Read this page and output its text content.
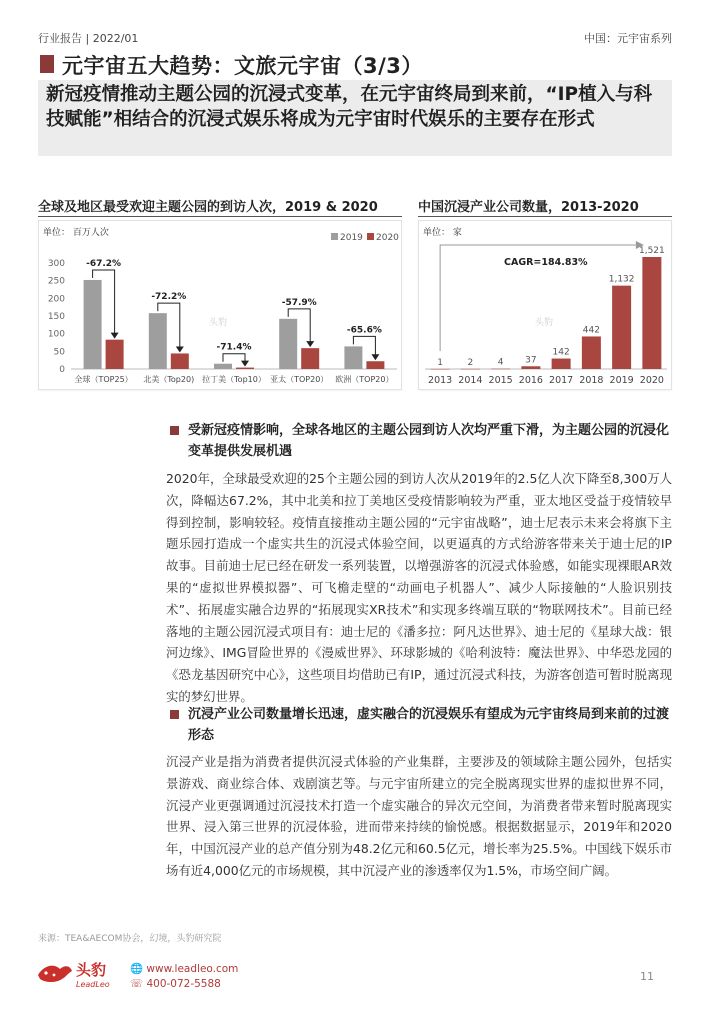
行业报告 | 2022/01	中国：元宇宙系列
元宇宙五大趋势：文旅元宇宙（3/3）
新冠疫情推动主题公园的沉浸式变革，在元宇宙终局到来前，“IP植入与科技赋能”相结合的沉浸式娱乐将成为元宇宙时代娱乐的主要存在形式
全球及地区最受欢迎主题公园的到访人次，2019 & 2020
单位： 百万人次	2019 2020
0
50
100
150
200
250
300
全球（TOP25）
-67.2%
北美（Top20)
-72.2%
拉丁美（Top10）
-71.4%
亚太（TOP20）
-57.9%
欧洲（TOP20）
-65.6%
头豹
中国沉浸产业公司数量，2013-2020
单位： 家
CAGR=184.83%
1
2013
2
2014
4
2015
37
2016
142
2017
442
2018
1,132
2019
1,521
2020
头豹
受新冠疫情影响，全球各地区的主题公园到访人次均严重下滑，为主题公园的沉浸化变革提供发展机遇
2020年，全球最受欢迎的25个主题公园的到访人次从2019年的2.5亿人次下降至8,300万人次，降幅达67.2%，其中北美和拉丁美地区受疫情影响较为严重，亚太地区受益于疫情较早得到控制，影响较轻。疫情直接推动主题公园的“元宇宙战略”，迪士尼表示未来会将旗下主题乐园打造成一个虚实共生的沉浸式体验空间，以更逼真的方式给游客带来关于迪士尼的IP故事。目前迪士尼已经在研发一系列装置，以增强游客的沉浸式体验感，如能实现裸眼AR效果的“虚拟世界模拟器”、可飞檐走壁的“动画电子机器人”、减少人际接触的“人脸识别技术”、拓展虚实融合边界的“拓展现实XR技术”和实现多终端互联的“物联网技术”。目前已经落地的主题公园沉浸式项目有：迪士尼的《潘多拉：阿凡达世界》、迪士尼的《星球大战：银河边缘》、IMG冒险世界的《漫威世界》、环球影城的《哈利波特：魔法世界》、中华恐龙园的《恐龙基因研究中心》，这些项目均借助已有IP，通过沉浸式科技，为游客创造可暂时脱离现实的梦幻世界。
沉浸产业公司数量增长迅速，虚实融合的沉浸娱乐有望成为元宇宙终局到来前的过渡形态
沉浸产业是指为消费者提供沉浸式体验的产业集群，主要涉及的领域除主题公园外，包括实景游戏、商业综合体、戏剧演艺等。与元宇宙所建立的完全脱离现实世界的虚拟世界不同，沉浸产业更强调通过沉浸技术打造一个虚实融合的异次元空间，为消费者带来暂时脱离现实世界、浸入第三世界的沉浸体验，进而带来持续的愉悦感。根据数据显示，2019年和2020年，中国沉浸产业的总产值分别为48.2亿元和60.5亿元，增长率为25.5%。中国线下娱乐市场有近4,000亿元的市场规模，其中沉浸产业的渗透率仅为1.5%，市场空间广阔。
来源：TEA&AECOM协会，幻境，头豹研究院
头豹
LeadLeo
🌐 www.leadleo.com
☏ 400-072-5588
11
